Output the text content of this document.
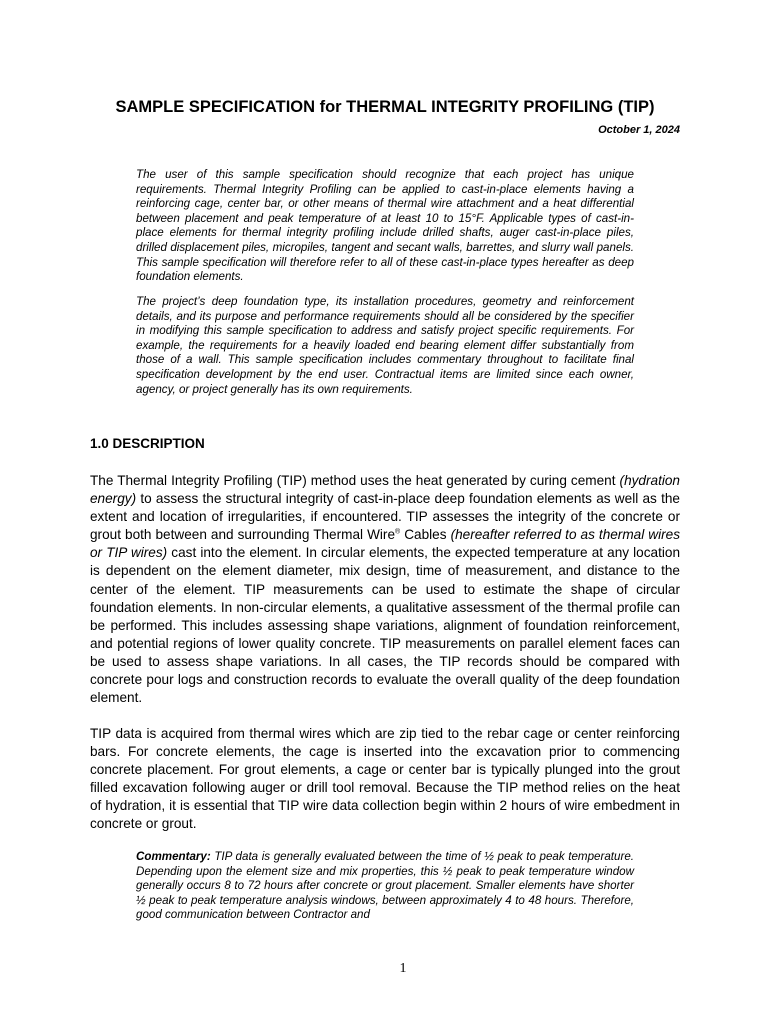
SAMPLE SPECIFICATION for THERMAL INTEGRITY PROFILING (TIP)
October 1, 2024

The user of this sample specification should recognize that each project has unique requirements. Thermal Integrity Profiling can be applied to cast-in-place elements having a reinforcing cage, center bar, or other means of thermal wire attachment and a heat differential between placement and peak temperature of at least 10 to 15°F. Applicable types of cast-in-place elements for thermal integrity profiling include drilled shafts, auger cast-in-place piles, drilled displacement piles, micropiles, tangent and secant walls, barrettes, and slurry wall panels. This sample specification will therefore refer to all of these cast-in-place types hereafter as deep foundation elements.

The project’s deep foundation type, its installation procedures, geometry and reinforcement details, and its purpose and performance requirements should all be considered by the specifier in modifying this sample specification to address and satisfy project specific requirements. For example, the requirements for a heavily loaded end bearing element differ substantially from those of a wall. This sample specification includes commentary throughout to facilitate final specification development by the end user. Contractual items are limited since each owner, agency, or project generally has its own requirements.

1.0 DESCRIPTION

The Thermal Integrity Profiling (TIP) method uses the heat generated by curing cement (hydration energy) to assess the structural integrity of cast-in-place deep foundation elements as well as the extent and location of irregularities, if encountered. TIP assesses the integrity of the concrete or grout both between and surrounding Thermal Wire® Cables (hereafter referred to as thermal wires or TIP wires) cast into the element. In circular elements, the expected temperature at any location is dependent on the element diameter, mix design, time of measurement, and distance to the center of the element. TIP measurements can be used to estimate the shape of circular foundation elements. In non-circular elements, a qualitative assessment of the thermal profile can be performed. This includes assessing shape variations, alignment of foundation reinforcement, and potential regions of lower quality concrete. TIP measurements on parallel element faces can be used to assess shape variations. In all cases, the TIP records should be compared with concrete pour logs and construction records to evaluate the overall quality of the deep foundation element.

TIP data is acquired from thermal wires which are zip tied to the rebar cage or center reinforcing bars. For concrete elements, the cage is inserted into the excavation prior to commencing concrete placement. For grout elements, a cage or center bar is typically plunged into the grout filled excavation following auger or drill tool removal. Because the TIP method relies on the heat of hydration, it is essential that TIP wire data collection begin within 2 hours of wire embedment in concrete or grout.

Commentary: TIP data is generally evaluated between the time of ½ peak to peak temperature. Depending upon the element size and mix properties, this ½ peak to peak temperature window generally occurs 8 to 72 hours after concrete or grout placement. Smaller elements have shorter ½ peak to peak temperature analysis windows, between approximately 4 to 48 hours. Therefore, good communication between Contractor and

1
